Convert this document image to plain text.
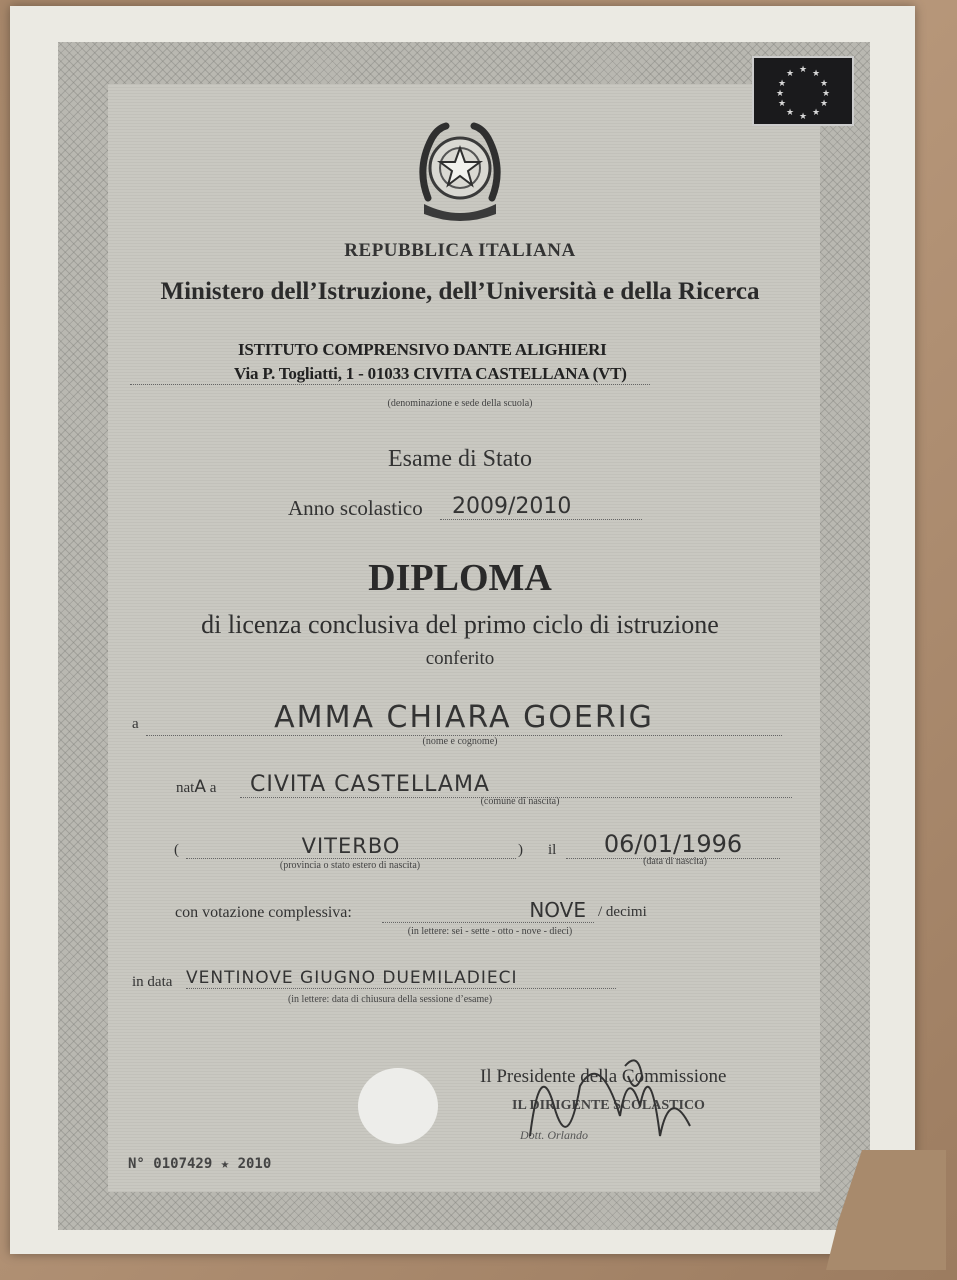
★ ★
★
★
★
★
★
★
★
★
★
★
REPUBBLICA ITALIANA
Ministero dell’Istruzione, dell’Università e della Ricerca
ISTITUTO COMPRENSIVO DANTE ALIGHIERI
Via P. Togliatti, 1 - 01033 CIVITA CASTELLANA (VT)
(denominazione e sede della scuola)
Esame di Stato
Anno scolastico	2009/2010
DIPLOMA
di licenza conclusiva del primo ciclo di istruzione
conferito
a	AMMA CHIARA GOERIG
(nome e cognome)
natA a	CIVITA CASTELLAMA
(comune di nascita)
(	VITERBO	)
(provincia o stato estero di nascita)
il	06/01/1996
(data di nascita)
con votazione complessiva:	NOVE / decimi
(in lettere: sei - sette - otto - nove - dieci)
in data VENTINOVE GIUGNO DUEMILADIECI
(in lettere: data di chiusura della sessione d’esame)
Il Presidente della Commissione
IL DIRIGENTE SCOLASTICO
Dott. Orlando
N° 0107429 ★ 2010
